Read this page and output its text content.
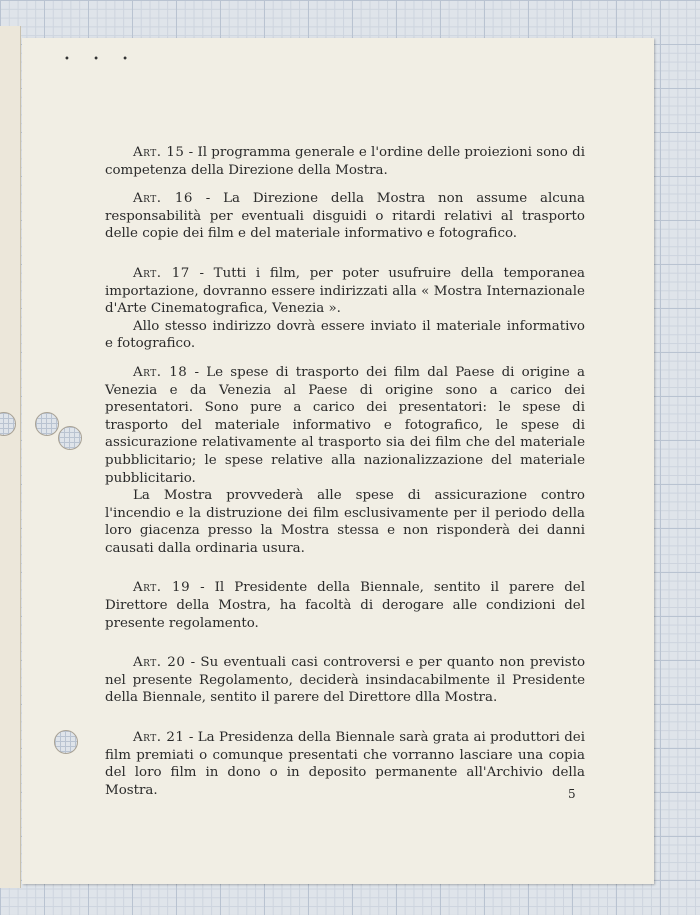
• • •

Art. 15 - Il programma generale e l'ordine delle proiezioni sono di competenza della Direzione della Mostra.

Art. 16 - La Direzione della Mostra non assume alcuna responsabilità per eventuali disguidi o ritardi relativi al trasporto delle copie dei film e del materiale informativo e fotografico.

Art. 17 - Tutti i film, per poter usufruire della temporanea importazione, dovranno essere indirizzati alla « Mostra Internazionale d'Arte Cinematografica, Venezia ».

Allo stesso indirizzo dovrà essere inviato il materiale informativo e fotografico.

Art. 18 - Le spese di trasporto dei film dal Paese di origine a Venezia e da Venezia al Paese di origine sono a carico dei presentatori. Sono pure a carico dei presentatori: le spese di trasporto del materiale informativo e fotografico, le spese di assicurazione relativamente al trasporto sia dei film che del materiale pubblicitario; le spese relative alla nazionalizzazione del materiale pubblicitario.

La Mostra provvederà alle spese di assicurazione contro l'incendio e la distruzione dei film esclusivamente per il periodo della loro giacenza presso la Mostra stessa e non risponderà dei danni causati dalla ordinaria usura.

Art. 19 - Il Presidente della Biennale, sentito il parere del Direttore della Mostra, ha facoltà di derogare alle condizioni del presente regolamento.

Art. 20 - Su eventuali casi controversi e per quanto non previsto nel presente Regolamento, deciderà insindacabilmente il Presidente della Biennale, sentito il parere del Direttore dlla Mostra.

Art. 21 - La Presidenza della Biennale sarà grata ai produttori dei film premiati o comunque presentati che vorranno lasciare una copia del loro film in dono o in deposito permanente all'Archivio della Mostra.	5
